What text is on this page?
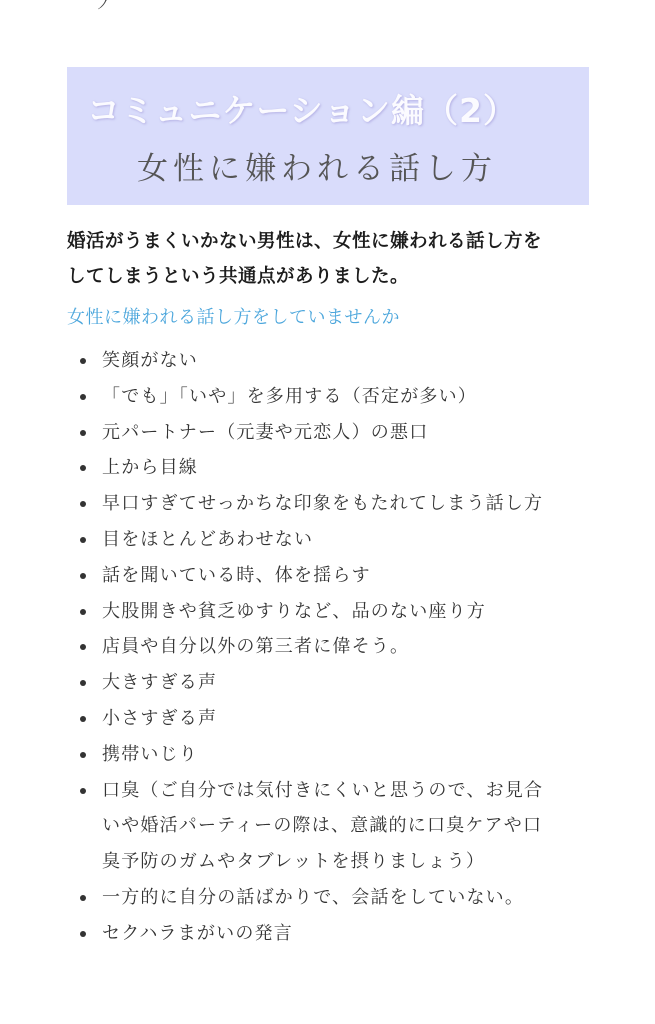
ノ
コミュニケーション編（2）
女性に嫌われる話し方
婚活がうまくいかない男性は、女性に嫌われる話し方を
してしまうという共通点がありました。
女性に嫌われる話し方をしていませんか
笑顔がない
「でも」「いや」を多用する（否定が多い）
元パートナー（元妻や元恋人）の悪口
上から目線
早口すぎてせっかちな印象をもたれてしまう話し方
目をほとんどあわせない
話を聞いている時、体を揺らす
大股開きや貧乏ゆすりなど、品のない座り方
店員や自分以外の第三者に偉そう。
大きすぎる声
小さすぎる声
携帯いじり
口臭（ご自分では気付きにくいと思うので、お見合
いや婚活パーティーの際は、意識的に口臭ケアや口
臭予防のガムやタブレットを摂りましょう）
一方的に自分の話ばかりで、会話をしていない。
セクハラまがいの発言
